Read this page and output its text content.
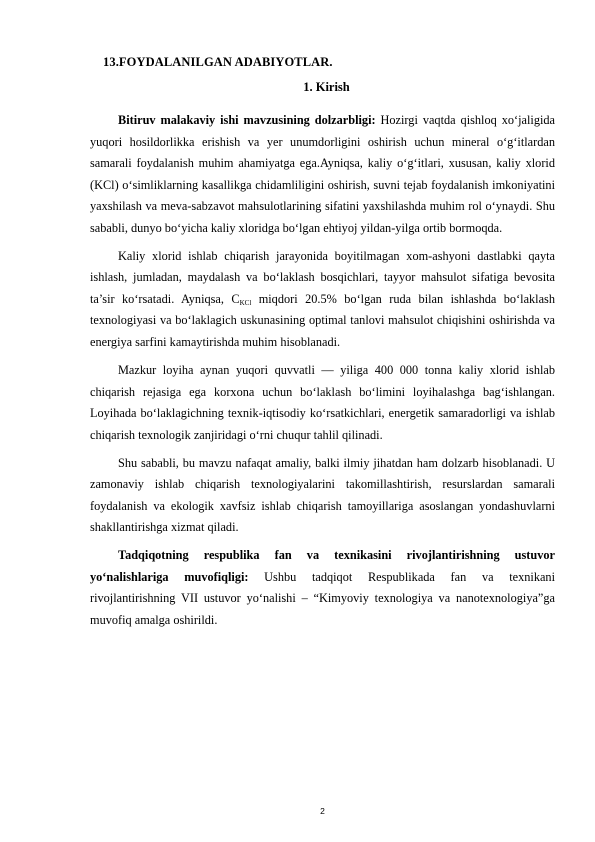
13.FOYDALANILGAN ADABIYOTLAR.
1. Kirish

Bitiruv malakaviy ishi mavzusining dolzarbligi: Hozirgi vaqtda qishloq xo‘jaligida yuqori hosildorlikka erishish va yer unumdorligini oshirish uchun mineral o‘g‘itlardan samarali foydalanish muhim ahamiyatga ega.Ayniqsa, kaliy o‘g‘itlari, xususan, kaliy xlorid (KCl) o‘simliklarning kasallikga chidamliligini oshirish, suvni tejab foydalanish imkoniyatini yaxshilash va meva-sabzavot mahsulotlarining sifatini yaxshilashda muhim rol o‘ynaydi. Shu sababli, dunyo bo‘yicha kaliy xloridga bo‘lgan ehtiyoj yildan-yilga ortib bormoqda.

Kaliy xlorid ishlab chiqarish jarayonida boyitilmagan xom-ashyoni dastlabki qayta ishlash, jumladan, maydalash va bo‘laklash bosqichlari, tayyor mahsulot sifatiga bevosita ta’sir ko‘rsatadi. Ayniqsa, $C_{KCl}$ miqdori 20.5% bo‘lgan ruda bilan ishlashda bo‘laklash texnologiyasi va bo‘laklagich uskunasining optimal tanlovi mahsulot chiqishini oshirishda va energiya sarfini kamaytirishda muhim hisoblanadi.

Mazkur loyiha aynan yuqori quvvatli — yiliga 400 000 tonna kaliy xlorid ishlab chiqarish rejasiga ega korxona uchun bo‘laklash bo‘limini loyihalashga bag‘ishlangan. Loyihada bo‘laklagichning texnik-iqtisodiy ko‘rsatkichlari, energetik samaradorligi va ishlab chiqarish texnologik zanjiridagi o‘rni chuqur tahlil qilinadi.

Shu sababli, bu mavzu nafaqat amaliy, balki ilmiy jihatdan ham dolzarb hisoblanadi. U zamonaviy ishlab chiqarish texnologiyalarini takomillashtirish, resurslardan samarali foydalanish va ekologik xavfsiz ishlab chiqarish tamoyillariga asoslangan yondashuvlarni shakllantirishga xizmat qiladi.

Tadqiqotning respublika fan va texnikasini rivojlantirishning ustuvor yo‘nalishlariga muvofiqligi: Ushbu tadqiqot Respublikada fan va texnikani rivojlantirishning VII ustuvor yo‘nalishi – “Kimyoviy texnologiya va nanotexnologiya”ga muvofiq amalga oshirildi.

2
